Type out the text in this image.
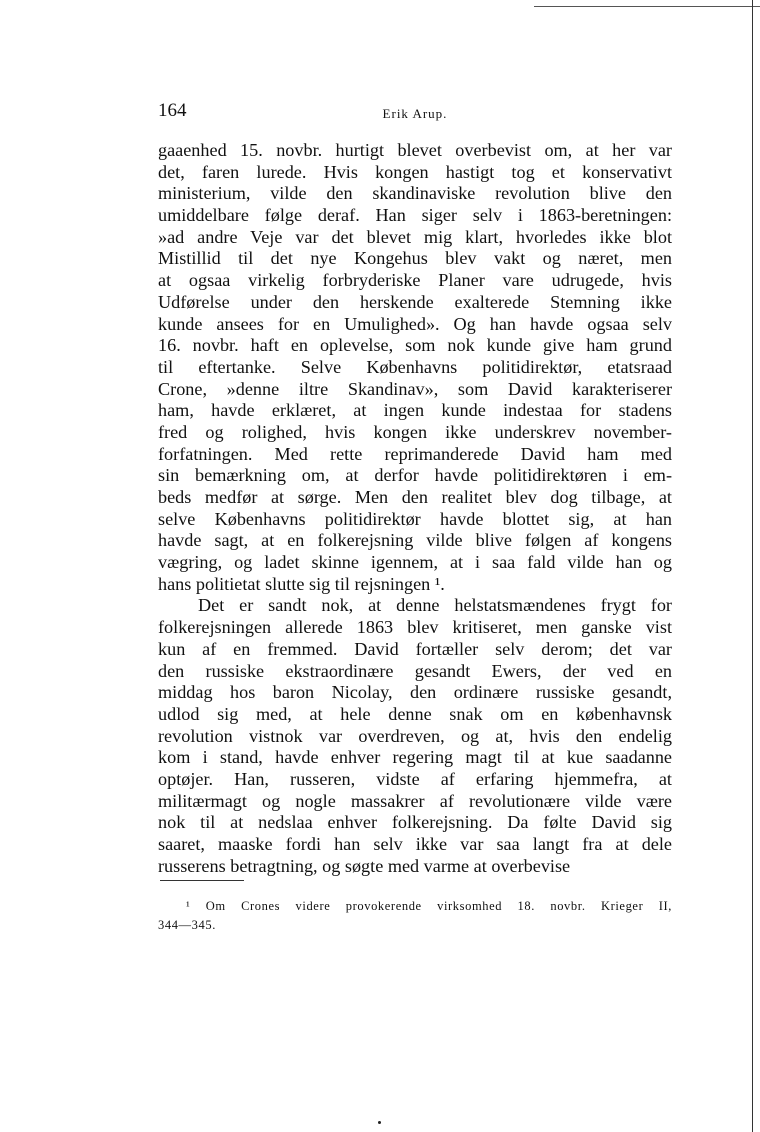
164	Erik Arup.
gaaenhed 15. novbr. hurtigt blevet overbevist om, at her var
det, faren lurede. Hvis kongen hastigt tog et konservativt
ministerium, vilde den skandinaviske revolution blive den
umiddelbare følge deraf. Han siger selv i 1863-beretningen:
»ad andre Veje var det blevet mig klart, hvorledes ikke blot
Mistillid til det nye Kongehus blev vakt og næret, men
at ogsaa virkelig forbryderiske Planer vare udrugede, hvis
Udførelse under den herskende exalterede Stemning ikke
kunde ansees for en Umulighed». Og han havde ogsaa selv
16. novbr. haft en oplevelse, som nok kunde give ham grund
til eftertanke. Selve Københavns politidirektør, etatsraad
Crone, »denne iltre Skandinav», som David karakteriserer
ham, havde erklæret, at ingen kunde indestaa for stadens
fred og rolighed, hvis kongen ikke underskrev november-
forfatningen. Med rette reprimanderede David ham med
sin bemærkning om, at derfor havde politidirektøren i em-
beds medfør at sørge. Men den realitet blev dog tilbage, at
selve Københavns politidirektør havde blottet sig, at han
havde sagt, at en folkerejsning vilde blive følgen af kongens
vægring, og ladet skinne igennem, at i saa fald vilde han og
hans politietat slutte sig til rejsningen ¹.
Det er sandt nok, at denne helstatsmændenes frygt for
folkerejsningen allerede 1863 blev kritiseret, men ganske vist
kun af en fremmed. David fortæller selv derom; det var
den russiske ekstraordinære gesandt Ewers, der ved en
middag hos baron Nicolay, den ordinære russiske gesandt,
udlod sig med, at hele denne snak om en københavnsk
revolution vistnok var overdreven, og at, hvis den endelig
kom i stand, havde enhver regering magt til at kue saadanne
optøjer. Han, russeren, vidste af erfaring hjemmefra, at
militærmagt og nogle massakrer af revolutionære vilde være
nok til at nedslaa enhver folkerejsning. Da følte David sig
saaret, maaske fordi han selv ikke var saa langt fra at dele
russerens betragtning, og søgte med varme at overbevise
¹ Om Crones videre provokerende virksomhed 18. novbr. Krieger II,
344—345.
